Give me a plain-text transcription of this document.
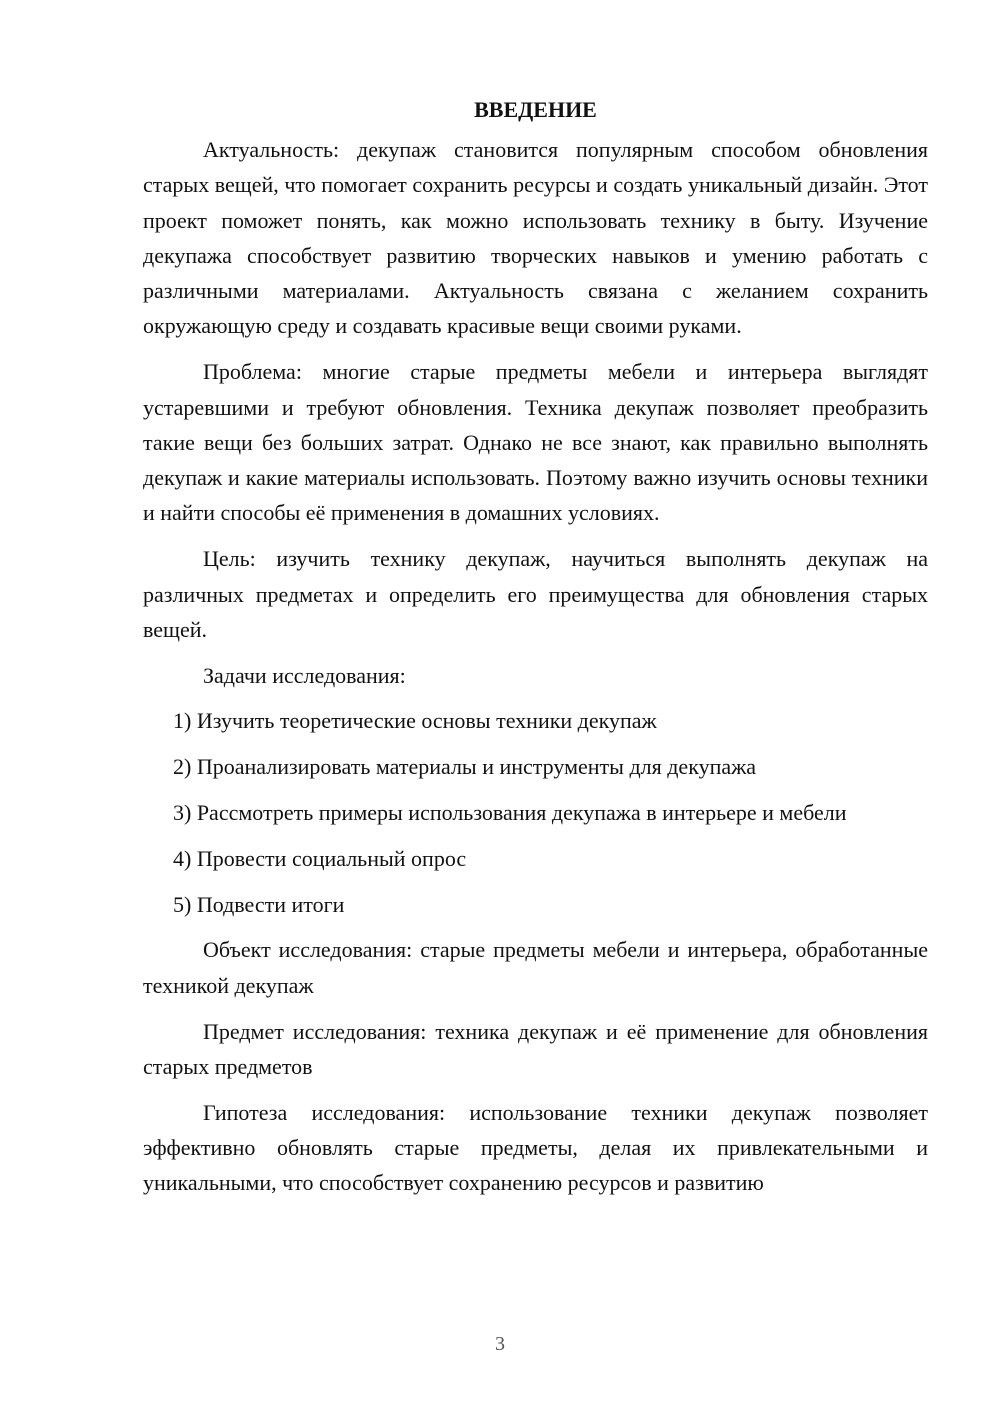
ВВЕДЕНИЕ

Актуальность: декупаж становится популярным способом обновления старых вещей, что помогает сохранить ресурсы и создать уникальный дизайн. Этот проект поможет понять, как можно использовать технику в быту. Изучение декупажа способствует развитию творческих навыков и умению работать с различными материалами. Актуальность связана с желанием сохранить окружающую среду и создавать красивые вещи своими руками.

Проблема: многие старые предметы мебели и интерьера выглядят устаревшими и требуют обновления. Техника декупаж позволяет преобразить такие вещи без больших затрат. Однако не все знают, как правильно выполнять декупаж и какие материалы использовать. Поэтому важно изучить основы техники и найти способы её применения в домашних условиях.

Цель: изучить технику декупаж, научиться выполнять декупаж на различных предметах и определить его преимущества для обновления старых вещей.

Задачи исследования:

1) Изучить теоретические основы техники декупаж

2) Проанализировать материалы и инструменты для декупажа

3) Рассмотреть примеры использования декупажа в интерьере и мебели

4) Провести социальный опрос

5) Подвести итоги

Объект исследования: старые предметы мебели и интерьера, обработанные техникой декупаж

Предмет исследования: техника декупаж и её применение для обновления старых предметов

Гипотеза исследования: использование техники декупаж позволяет эффективно обновлять старые предметы, делая их привлекательными и уникальными, что способствует сохранению ресурсов и развитию

3
